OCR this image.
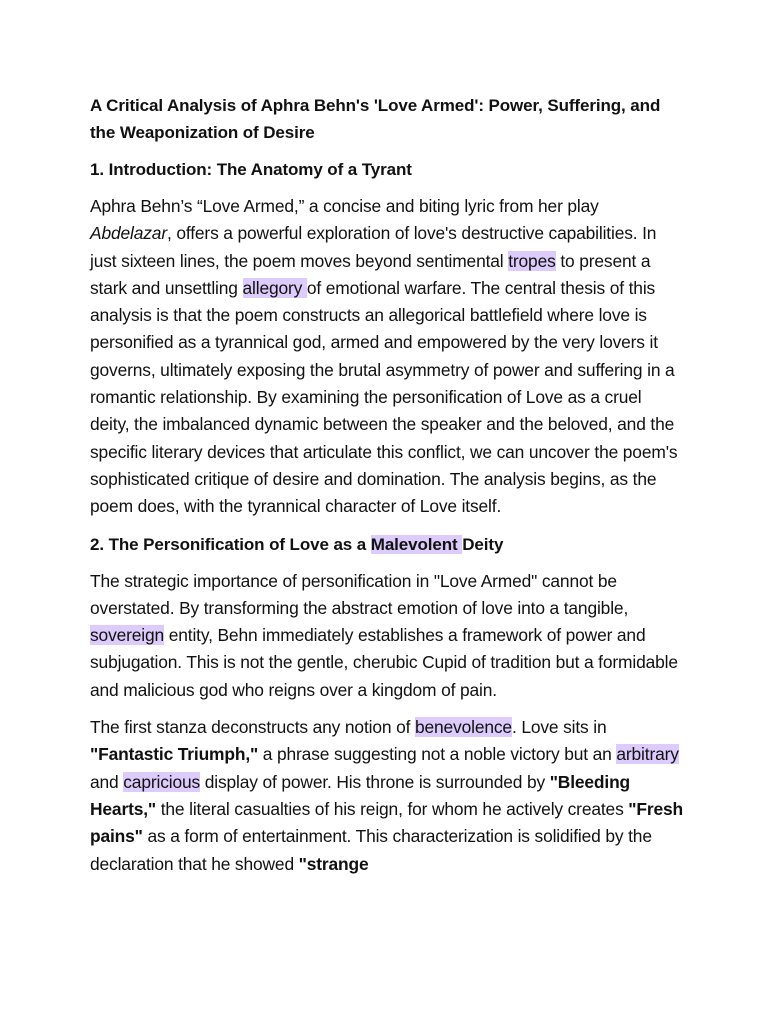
A Critical Analysis of Aphra Behn's 'Love Armed': Power, Suffering, and the Weaponization of Desire
1. Introduction: The Anatomy of a Tyrant
Aphra Behn’s “Love Armed,” a concise and biting lyric from her play Abdelazar, offers a powerful exploration of love's destructive capabilities. In just sixteen lines, the poem moves beyond sentimental tropes to present a stark and unsettling allegory of emotional warfare. The central thesis of this analysis is that the poem constructs an allegorical battlefield where love is personified as a tyrannical god, armed and empowered by the very lovers it governs, ultimately exposing the brutal asymmetry of power and suffering in a romantic relationship. By examining the personification of Love as a cruel deity, the imbalanced dynamic between the speaker and the beloved, and the specific literary devices that articulate this conflict, we can uncover the poem's sophisticated critique of desire and domination. The analysis begins, as the poem does, with the tyrannical character of Love itself.
2. The Personification of Love as a Malevolent Deity
The strategic importance of personification in "Love Armed" cannot be overstated. By transforming the abstract emotion of love into a tangible, sovereign entity, Behn immediately establishes a framework of power and subjugation. This is not the gentle, cherubic Cupid of tradition but a formidable and malicious god who reigns over a kingdom of pain.
The first stanza deconstructs any notion of benevolence. Love sits in "Fantastic Triumph," a phrase suggesting not a noble victory but an arbitrary and capricious display of power. His throne is surrounded by "Bleeding Hearts," the literal casualties of his reign, for whom he actively creates "Fresh pains" as a form of entertainment. This characterization is solidified by the declaration that he showed "strange
